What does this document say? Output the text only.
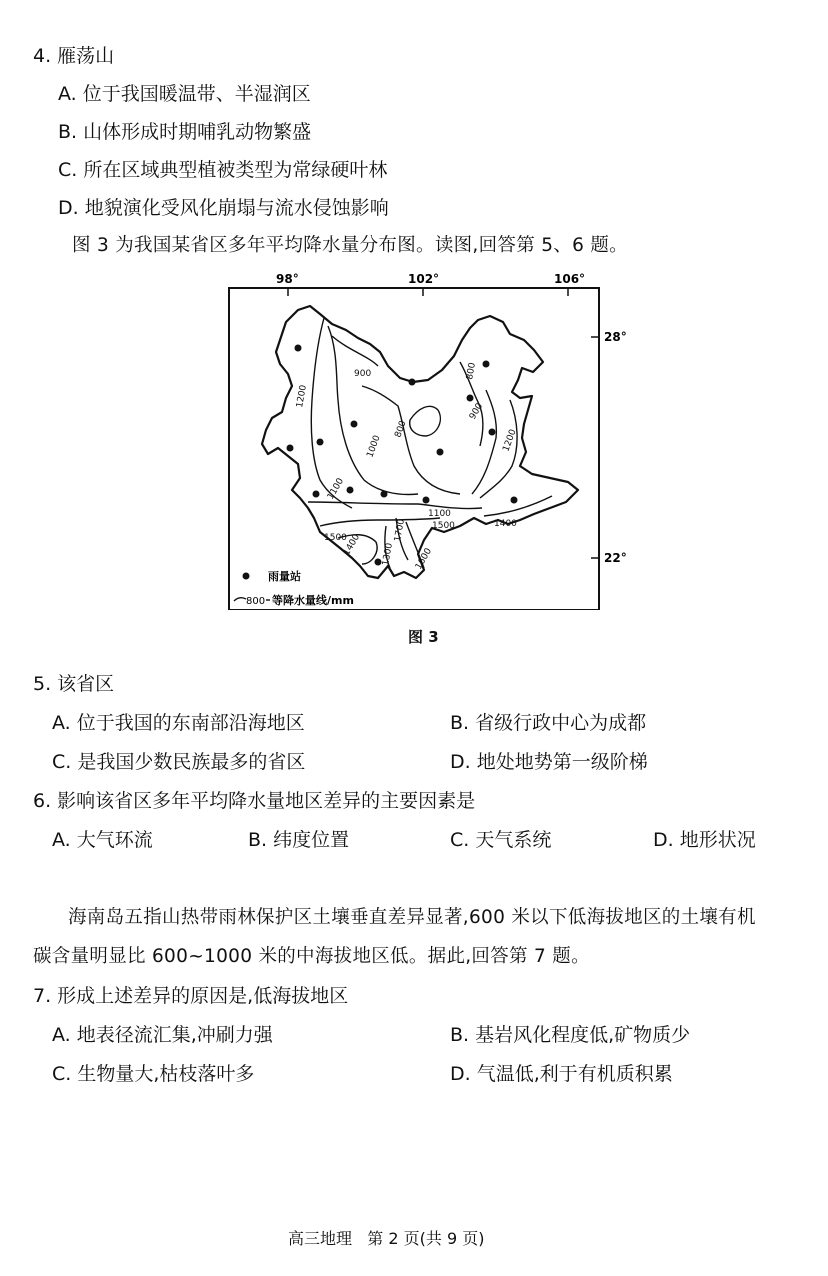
4. 雁荡山
A. 位于我国暖温带、半湿润区
B. 山体形成时期哺乳动物繁盛
C. 所在区域典型植被类型为常绿硬叶林
D. 地貌演化受风化崩塌与流水侵蚀影响
图 3 为我国某省区多年平均降水量分布图。读图,回答第 5、6 题。
98°	102°	106°
28°
22°
1200
900
800
900
800
1000	1200
1100
1100
1500
1400
1500
1400
1700
1300 1600
雨量站
800 等降水量线/mm
图 3
5. 该省区
A. 位于我国的东南部沿海地区	B. 省级行政中心为成都
C. 是我国少数民族最多的省区	D. 地处地势第一级阶梯
6. 影响该省区多年平均降水量地区差异的主要因素是
A. 大气环流	B. 纬度位置	C. 天气系统	D. 地形状况
海南岛五指山热带雨林保护区土壤垂直差异显著,600 米以下低海拔地区的土壤有机
碳含量明显比 600~1000 米的中海拔地区低。据此,回答第 7 题。
7. 形成上述差异的原因是,低海拔地区
A. 地表径流汇集,冲刷力强	B. 基岩风化程度低,矿物质少
C. 生物量大,枯枝落叶多	D. 气温低,利于有机质积累
高三地理   第 2 页(共 9 页)
